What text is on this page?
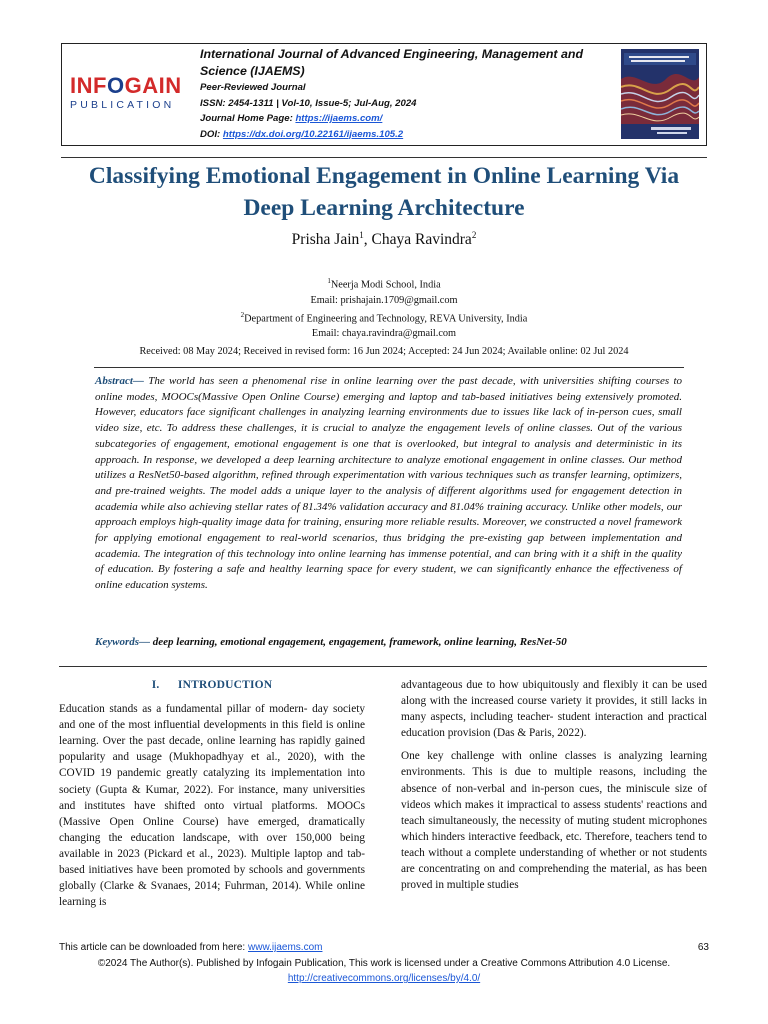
INFOGAIN
PUBLICATION
International Journal of Advanced Engineering, Management and Science (IJAEMS)
Peer-Reviewed Journal
ISSN: 2454-1311 | Vol-10, Issue-5; Jul-Aug, 2024
Journal Home Page: https://ijaems.com/
DOI: https://dx.doi.org/10.22161/ijaems.105.2
Classifying Emotional Engagement in Online Learning Via
Deep Learning Architecture
Prisha Jain$^1$, Chaya Ravindra$^2$
$^1$Neerja Modi School, India
Email: prishajain.1709@gmail.com
$^2$Department of Engineering and Technology, REVA University, India
Email: chaya.ravindra@gmail.com
Received: 08 May 2024; Received in revised form: 16 Jun 2024; Accepted: 24 Jun 2024; Available online: 02 Jul 2024
Abstract— The world has seen a phenomenal rise in online learning over the past decade, with universities shifting courses to online modes, MOOCs(Massive Open Online Course) emerging and laptop and tab-based initiatives being extensively promoted. However, educators face significant challenges in analyzing learning environments due to issues like lack of in-person cues, small video size, etc. To address these challenges, it is crucial to analyze the engagement levels of online classes. Out of the various subcategories of engagement, emotional engagement is one that is overlooked, but integral to analysis and deterministic in its approach. In response, we developed a deep learning architecture to analyze emotional engagement in online classes. Our method utilizes a ResNet50-based algorithm, refined through experimentation with various techniques such as transfer learning, optimizers, and pre-trained weights. The model adds a unique layer to the analysis of different algorithms used for engagement detection in academia while also achieving stellar rates of 81.34% validation accuracy and 81.04% training accuracy. Unlike other models, our approach employs high-quality image data for training, ensuring more reliable results. Moreover, we constructed a novel framework for applying emotional engagement to real-world scenarios, thus bridging the pre-existing gap between implementation and academia. The integration of this technology into online learning has immense potential, and can bring with it a shift in the quality of education. By fostering a safe and healthy learning space for every student, we can significantly enhance the effectiveness of online education systems.
Keywords— deep learning, emotional engagement, engagement, framework, online learning, ResNet-50
I.      INTRODUCTION

Education stands as a fundamental pillar of modern- day society and one of the most influential developments in this field is online learning. Over the past decade, online learning has rapidly gained popularity and usage (Mukhopadhyay et al., 2020), with the COVID 19 pandemic greatly catalyzing its implementation into society (Gupta & Kumar, 2022). For instance, many universities and institutes have shifted onto virtual platforms. MOOCs (Massive Open Online Course) have emerged, dramatically changing the education landscape, with over 150,000 being available in 2023 (Pickard et al., 2023). Multiple laptop and tab-based initiatives have been promoted by schools and governments globally (Clarke & Svanaes, 2014; Fuhrman, 2014). While online learning is

advantageous due to how ubiquitously and flexibly it can be used along with the increased course variety it provides, it still lacks in many aspects, including teacher- student interaction and practical education provision (Das & Paris, 2022).

One key challenge with online classes is analyzing learning environments. This is due to multiple reasons, including the absence of non-verbal and in-person cues, the miniscule size of videos which makes it impractical to assess students' reactions and teach simultaneously, the necessity of muting student microphones which hinders interactive feedback, etc. Therefore, teachers tend to teach without a complete understanding of whether or not students are concentrating on and comprehending the material, as has been proved in multiple studies

This article can be downloaded from here: www.ijaems.com	63
©2024 The Author(s). Published by Infogain Publication, This work is licensed under a Creative Commons Attribution 4.0 License.
http://creativecommons.org/licenses/by/4.0/
